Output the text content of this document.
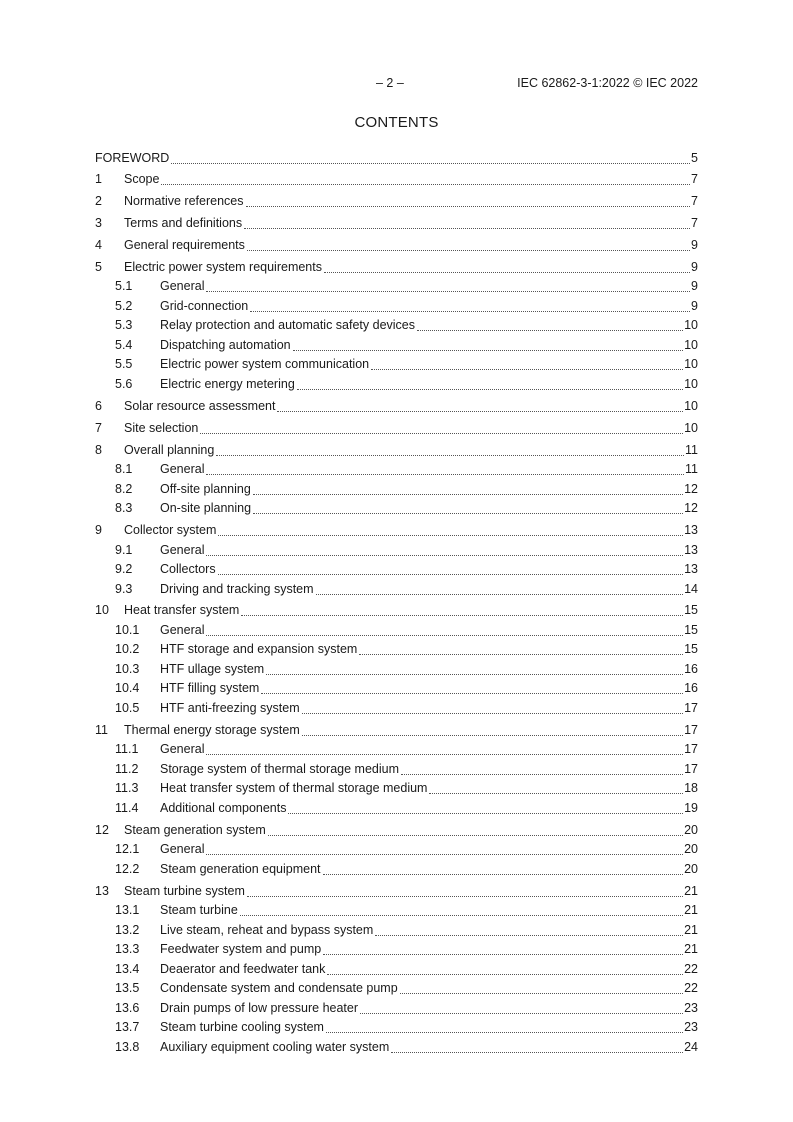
– 2 –	IEC 62862-3-1:2022 © IEC 2022
CONTENTS
FOREWORD	5
1	Scope	7
2	Normative references	7
3	Terms and definitions	7
4	General requirements	9
5	Electric power system requirements	9
5.1	General	9
5.2	Grid-connection	9
5.3	Relay protection and automatic safety devices	10
5.4	Dispatching automation	10
5.5	Electric power system communication	10
5.6	Electric energy metering	10
6	Solar resource assessment	10
7	Site selection	10
8	Overall planning	11
8.1	General	11
8.2	Off-site planning	12
8.3	On-site planning	12
9	Collector system	13
9.1	General	13
9.2	Collectors	13
9.3	Driving and tracking system	14
10	Heat transfer system	15
10.1	General	15
10.2	HTF storage and expansion system	15
10.3	HTF ullage system	16
10.4	HTF filling system	16
10.5	HTF anti-freezing system	17
11	Thermal energy storage system	17
11.1	General	17
11.2	Storage system of thermal storage medium	17
11.3	Heat transfer system of thermal storage medium	18
11.4	Additional components	19
12	Steam generation system	20
12.1	General	20
12.2	Steam generation equipment	20
13	Steam turbine system	21
13.1	Steam turbine	21
13.2	Live steam, reheat and bypass system	21
13.3	Feedwater system and pump	21
13.4	Deaerator and feedwater tank	22
13.5	Condensate system and condensate pump	22
13.6	Drain pumps of low pressure heater	23
13.7	Steam turbine cooling system	23
13.8	Auxiliary equipment cooling water system	24
